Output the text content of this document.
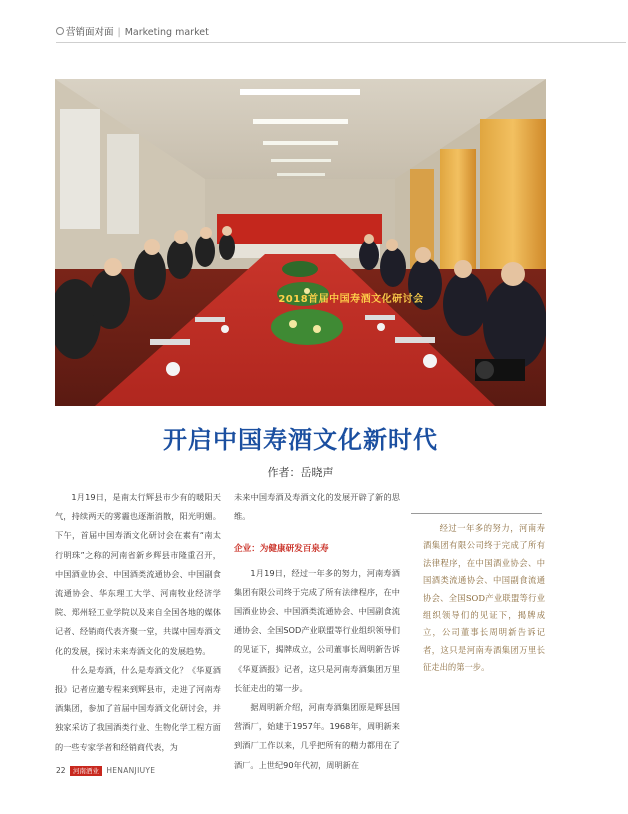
营销面对面 | Marketing market
2018首届中国寿酒文化研讨会
开启中国寿酒文化新时代
作者：岳晓声

1月19日，是南太行辉县市少有的暖阳天气，持续两天的雾霾也逐渐消散，阳光明媚。下午，首届中国寿酒文化研讨会在素有“南太行明珠”之称的河南省新乡辉县市隆重召开，中国酒业协会、中国酒类流通协会、中国副食流通协会、华东理工大学、河南牧业经济学院、郑州轻工业学院以及来自全国各地的媒体记者、经销商代表齐聚一堂，共谋中国寿酒文化的发展，探讨未来寿酒文化的发展趋势。

什么是寿酒，什么是寿酒文化？《华夏酒报》记者应邀专程来到辉县市，走进了河南寿酒集团，参加了首届中国寿酒文化研讨会，并独家采访了我国酒类行业、生物化学工程方面的一些专家学者和经销商代表，为

未来中国寿酒及寿酒文化的发展开辟了新的思维。

企业：为健康研发百泉寿

1月19日，经过一年多的努力，河南寿酒集团有限公司终于完成了所有法律程序，在中国酒业协会、中国酒类流通协会、中国副食流通协会、全国SOD产业联盟等行业组织领导们的见证下，揭牌成立，公司董事长周明新告诉《华夏酒报》记者，这只是河南寿酒集团万里长征走出的第一步。

据周明新介绍，河南寿酒集团原是辉县国营酒厂，始建于1957年。1968年，周明新来到酒厂工作以来，几乎把所有的精力都用在了酒厂。上世纪90年代初，周明新在

经过一年多的努力，河南寿酒集团有限公司终于完成了所有法律程序，在中国酒业协会、中国酒类流通协会、中国副食流通协会、全国SOD产业联盟等行业组织领导们的见证下，揭牌成立，公司董事长周明新告诉记者，这只是河南寿酒集团万里长征走出的第一步。
22 河南酒业 HENANJIUYE
